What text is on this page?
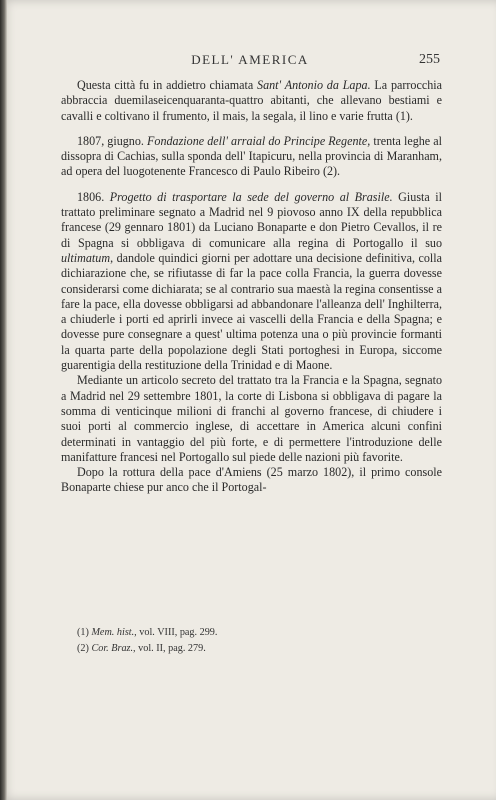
DELL' AMERICA	255

Questa città fu in addietro chiamata Sant' Antonio da Lapa. La parrocchia abbraccia duemilaseicenquaranta-quattro abitanti, che allevano bestiami e cavalli e coltivano il frumento, il mais, la segala, il lino e varie frutta (1).

1807, giugno. Fondazione dell' arraial do Principe Regente, trenta leghe al dissopra di Cachias, sulla sponda dell' Itapicuru, nella provincia di Maranham, ad opera del luogotenente Francesco di Paulo Ribeiro (2).

1806. Progetto di trasportare la sede del governo al Brasile. Giusta il trattato preliminare segnato a Madrid nel 9 piovoso anno IX della repubblica francese (29 gennaro 1801) da Luciano Bonaparte e don Pietro Cevallos, il re di Spagna si obbligava di comunicare alla regina di Portogallo il suo ultimatum, dandole quindici giorni per adottare una decisione definitiva, colla dichiarazione che, se rifiutasse di far la pace colla Francia, la guerra dovesse considerarsi come dichiarata; se al contrario sua maestà la regina consentisse a fare la pace, ella dovesse obbligarsi ad abbandonare l'alleanza dell' Inghilterra, a chiuderle i porti ed aprirli invece ai vascelli della Francia e della Spagna; e dovesse pure consegnare a quest' ultima potenza una o più provincie formanti la quarta parte della popolazione degli Stati portoghesi in Europa, siccome guarentigia della restituzione della Trinidad e di Maone.

Mediante un articolo secreto del trattato tra la Francia e la Spagna, segnato a Madrid nel 29 settembre 1801, la corte di Lisbona si obbligava di pagare la somma di venticinque milioni di franchi al governo francese, di chiudere i suoi porti al commercio inglese, di accettare in America alcuni confini determinati in vantaggio del più forte, e di permettere l'introduzione delle manifatture francesi nel Portogallo sul piede delle nazioni più favorite.

Dopo la rottura della pace d'Amiens (25 marzo 1802), il primo console Bonaparte chiese pur anco che il Portogal-

(1) Mem. hist., vol. VIII, pag. 299.
(2) Cor. Braz., vol. II, pag. 279.
